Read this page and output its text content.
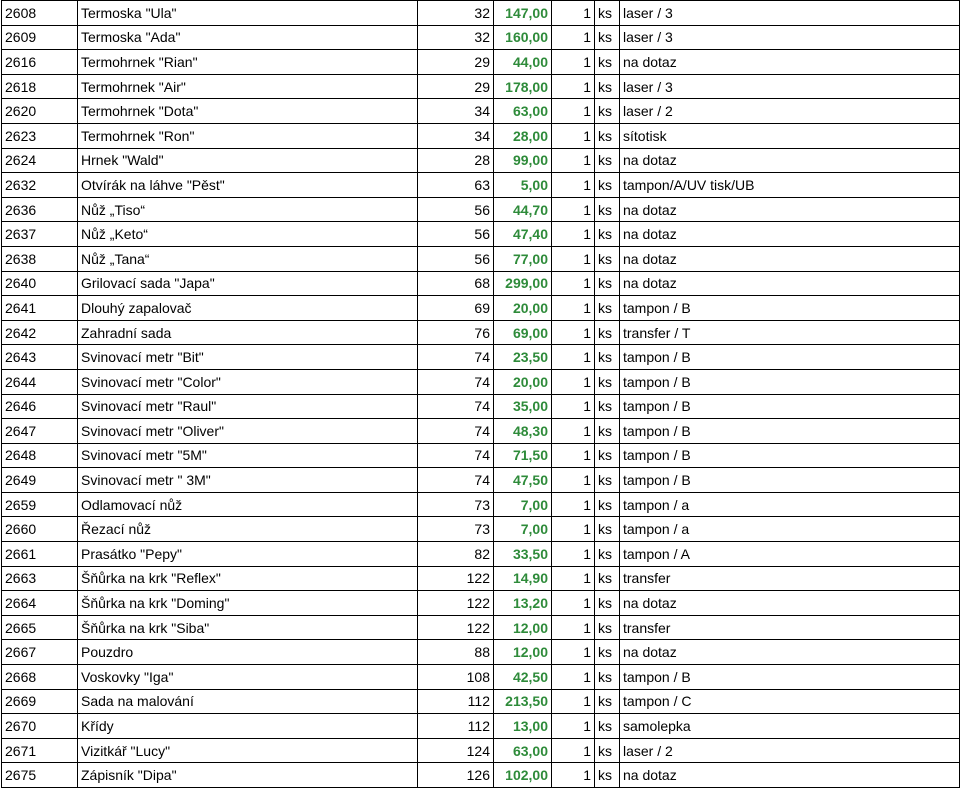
2608	Termoska "Ula"	32	147,00	1	ks	laser / 3
2609	Termoska "Ada"	32	160,00	1	ks	laser / 3
2616	Termohrnek "Rian"	29	44,00	1	ks	na dotaz
2618	Termohrnek "Air"	29	178,00	1	ks	laser / 3
2620	Termohrnek "Dota"	34	63,00	1	ks	laser / 2
2623	Termohrnek "Ron"	34	28,00	1	ks	sítotisk
2624	Hrnek "Wald"	28	99,00	1	ks	na dotaz
2632	Otvírák na láhve "Pěst"	63	5,00	1	ks	tampon/A/UV tisk/UB
2636	Nůž „Tiso“	56	44,70	1	ks	na dotaz
2637	Nůž „Keto“	56	47,40	1	ks	na dotaz
2638	Nůž „Tana“	56	77,00	1	ks	na dotaz
2640	Grilovací sada "Japa"	68	299,00	1	ks	na dotaz
2641	Dlouhý zapalovač	69	20,00	1	ks	tampon / B
2642	Zahradní sada	76	69,00	1	ks	transfer / T
2643	Svinovací metr "Bit"	74	23,50	1	ks	tampon / B
2644	Svinovací metr "Color"	74	20,00	1	ks	tampon / B
2646	Svinovací metr "Raul"	74	35,00	1	ks	tampon / B
2647	Svinovací metr "Oliver"	74	48,30	1	ks	tampon / B
2648	Svinovací metr "5M"	74	71,50	1	ks	tampon / B
2649	Svinovací metr " 3M"	74	47,50	1	ks	tampon / B
2659	Odlamovací nůž	73	7,00	1	ks	tampon / a
2660	Řezací nůž	73	7,00	1	ks	tampon / a
2661	Prasátko "Pepy"	82	33,50	1	ks	tampon / A
2663	Šňůrka na krk "Reflex"	122	14,90	1	ks	transfer
2664	Šňůrka na krk "Doming"	122	13,20	1	ks	na dotaz
2665	Šňůrka na krk "Siba"	122	12,00	1	ks	transfer
2667	Pouzdro	88	12,00	1	ks	na dotaz
2668	Voskovky "Iga"	108	42,50	1	ks	tampon / B
2669	Sada na malování	112	213,50	1	ks	tampon / C
2670	Křídy	112	13,00	1	ks	samolepka
2671	Vizitkář "Lucy"	124	63,00	1	ks	laser / 2
2675	Zápisník "Dipa"	126	102,00	1	ks	na dotaz
